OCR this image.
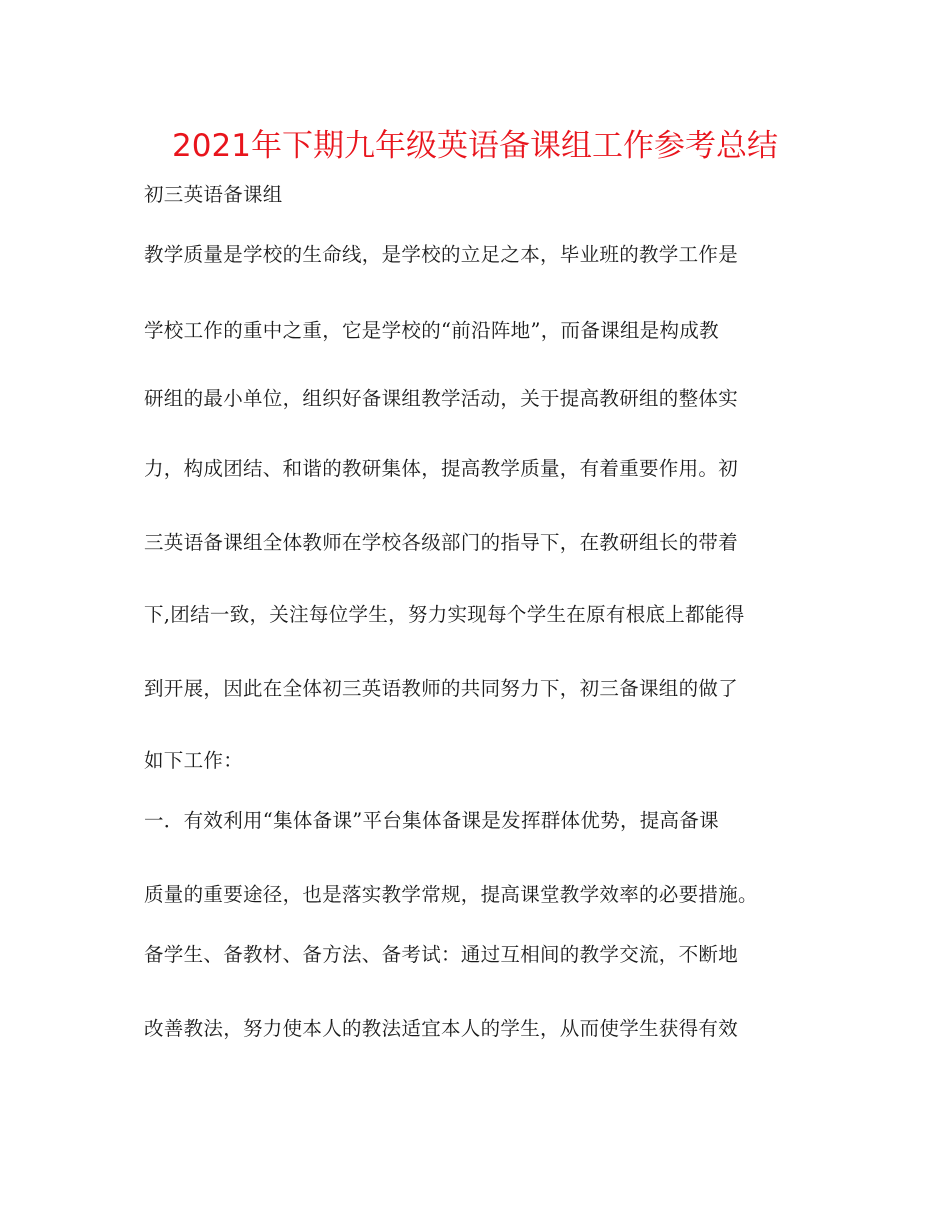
2021年下期九年级英语备课组工作参考总结
初三英语备课组
教学质量是学校的生命线，是学校的立足之本，毕业班的教学工作是
学校工作的重中之重，它是学校的“前沿阵地”，而备课组是构成教
研组的最小单位，组织好备课组教学活动，关于提高教研组的整体实
力，构成团结、和谐的教研集体，提高教学质量，有着重要作用。初
三英语备课组全体教师在学校各级部门的指导下，在教研组长的带着
下,团结一致，关注每位学生，努力实现每个学生在原有根底上都能得
到开展，因此在全体初三英语教师的共同努力下，初三备课组的做了
如下工作：
一．有效利用“集体备课”平台集体备课是发挥群体优势，提高备课
质量的重要途径，也是落实教学常规，提高课堂教学效率的必要措施。
备学生、备教材、备方法、备考试：通过互相间的教学交流，不断地
改善教法，努力使本人的教法适宜本人的学生，从而使学生获得有效
